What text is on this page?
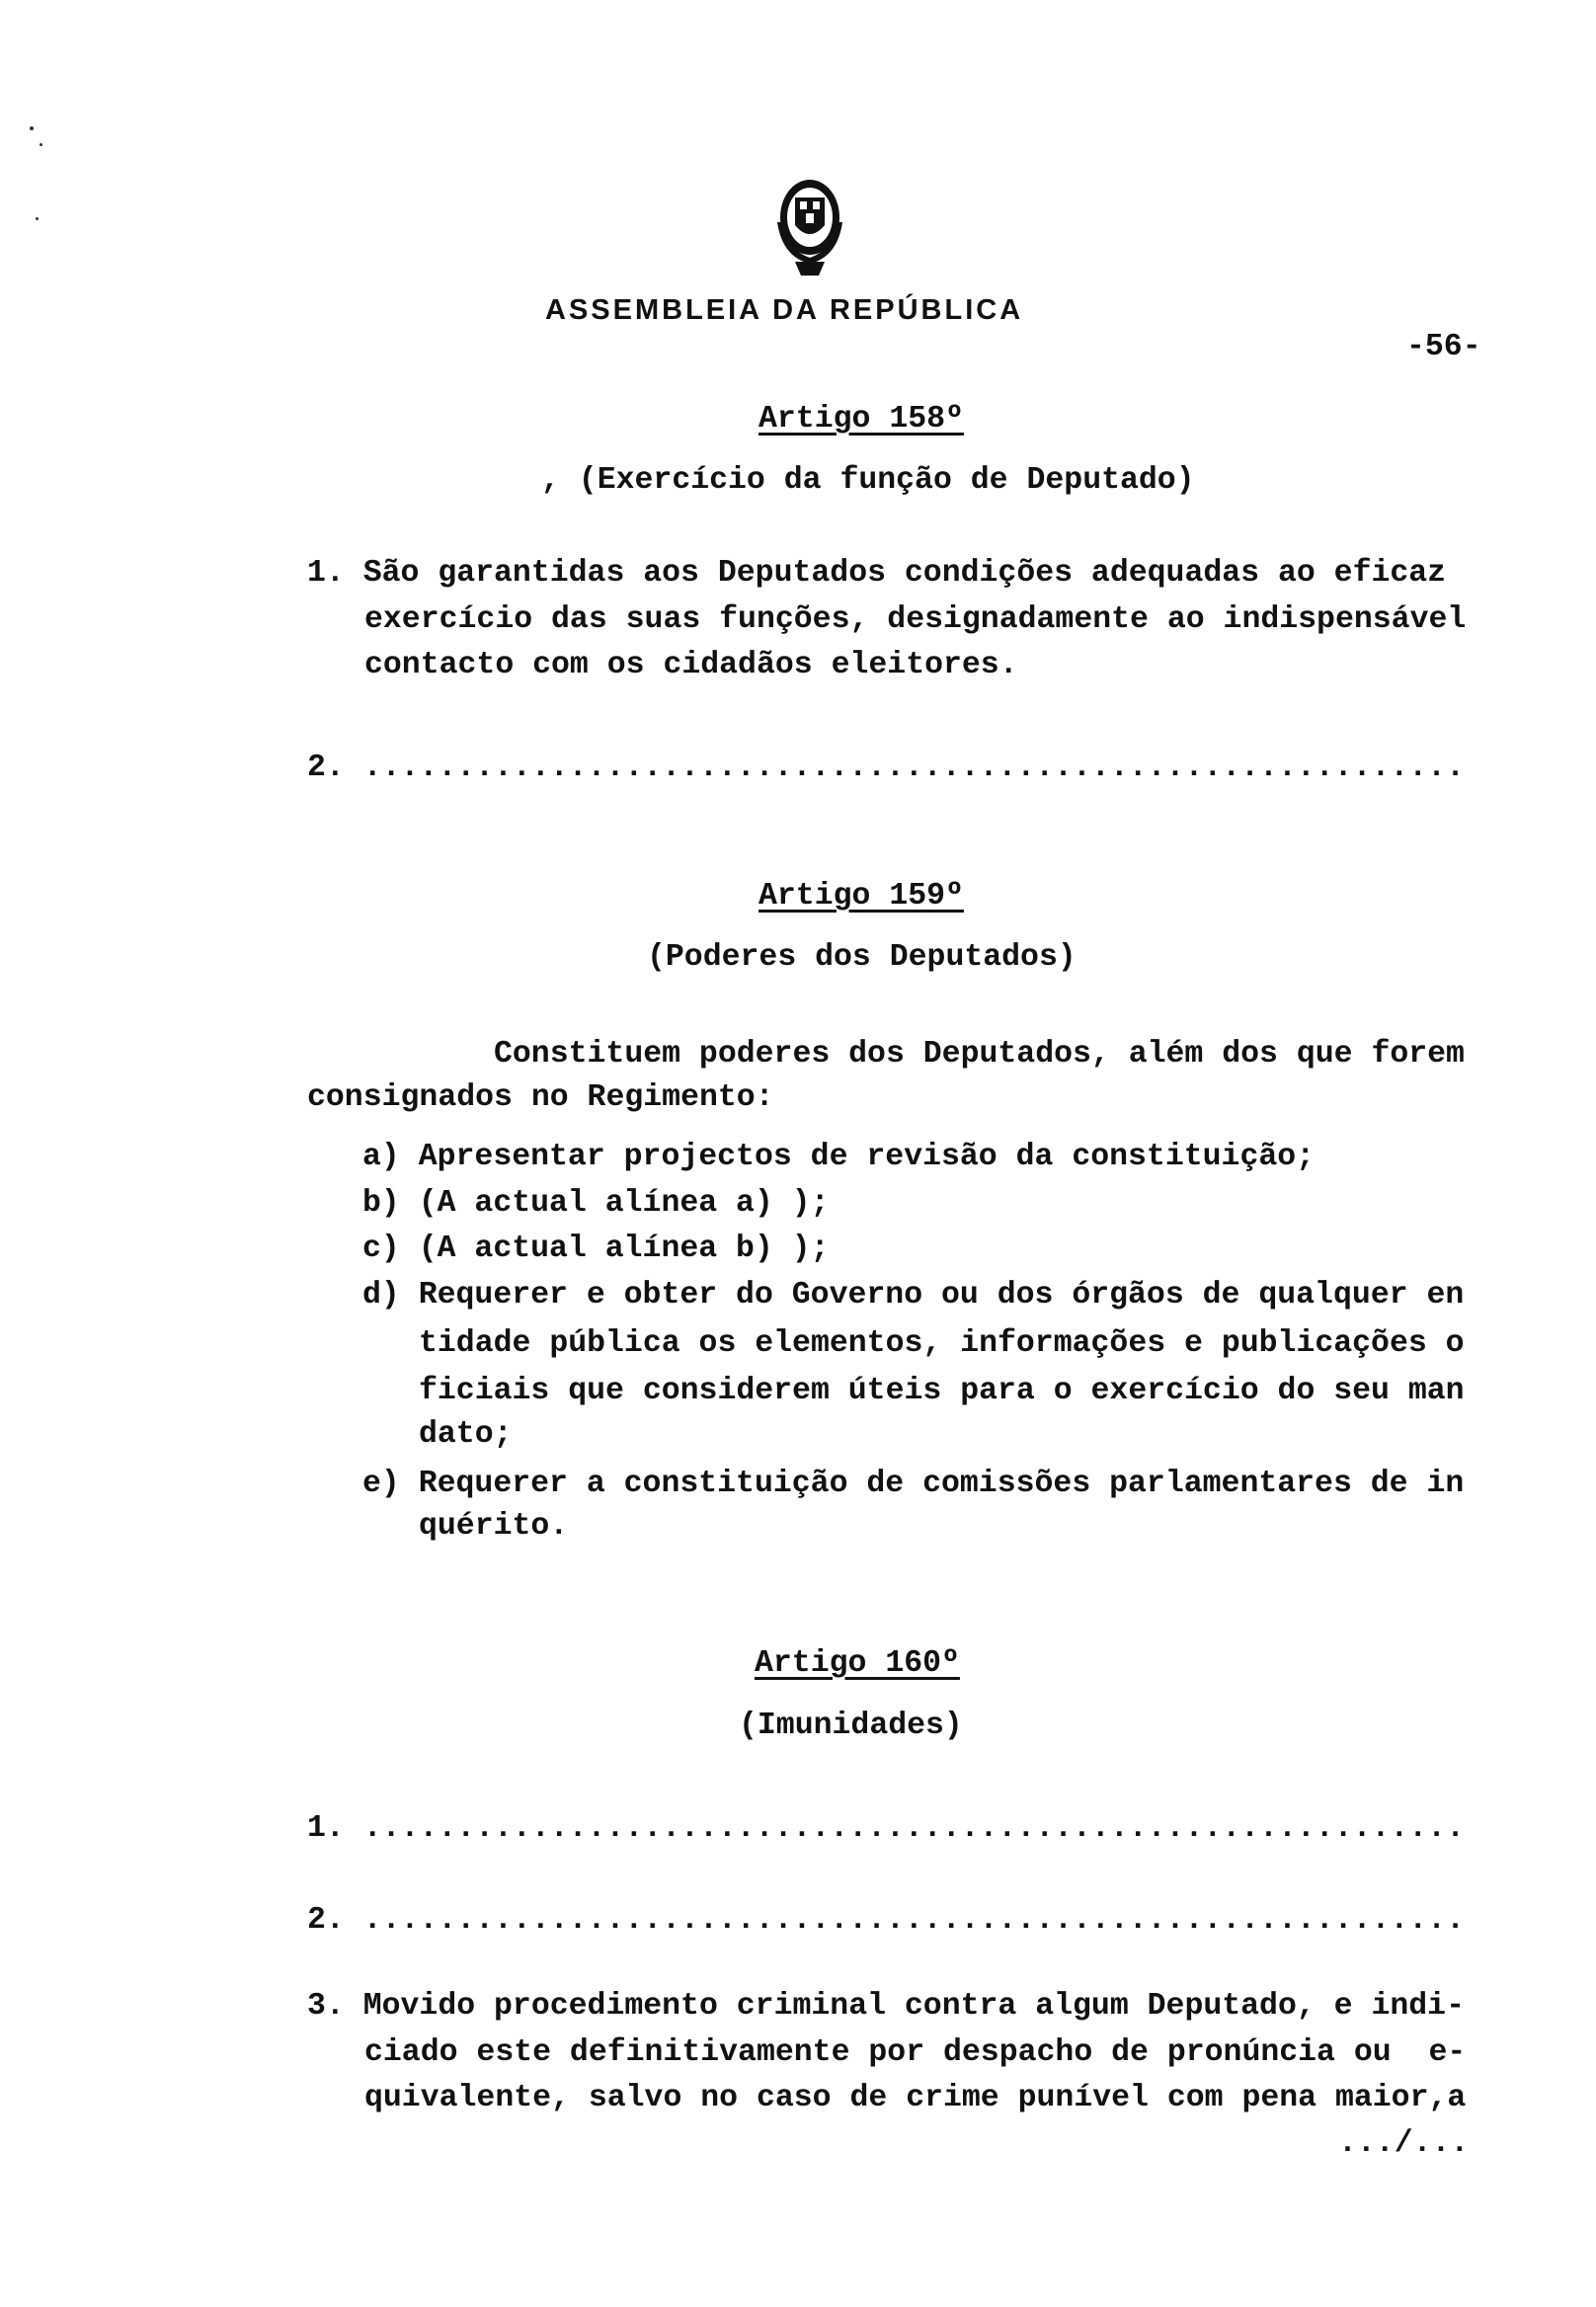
ASSEMBLEIA DA REPÚBLICA
-56-
Artigo 158º
, (Exercício da função de Deputado)
Artigo 159º
(Poderes dos Deputados)
Artigo 160º
(Imunidades)
1. São garantidas aos Deputados condições adequadas ao eficaz
exercício das suas funções, designadamente ao indispensável
contacto com os cidadãos eleitores.
2. ...........................................................
Constituem poderes dos Deputados, além dos que forem
consignados no Regimento:
a) Apresentar projectos de revisão da constituição;
b) (A actual alínea a) );
c) (A actual alínea b) );
d) Requerer e obter do Governo ou dos órgãos de qualquer en
tidade pública os elementos, informações e publicações o
ficiais que considerem úteis para o exercício do seu man
dato;
e) Requerer a constituição de comissões parlamentares de in
quérito.
1. ...........................................................
2. ...........................................................
3. Movido procedimento criminal contra algum Deputado, e indi-
ciado este definitivamente por despacho de pronúncia ou  e-
quivalente, salvo no caso de crime punível com pena maior,a
.../...
